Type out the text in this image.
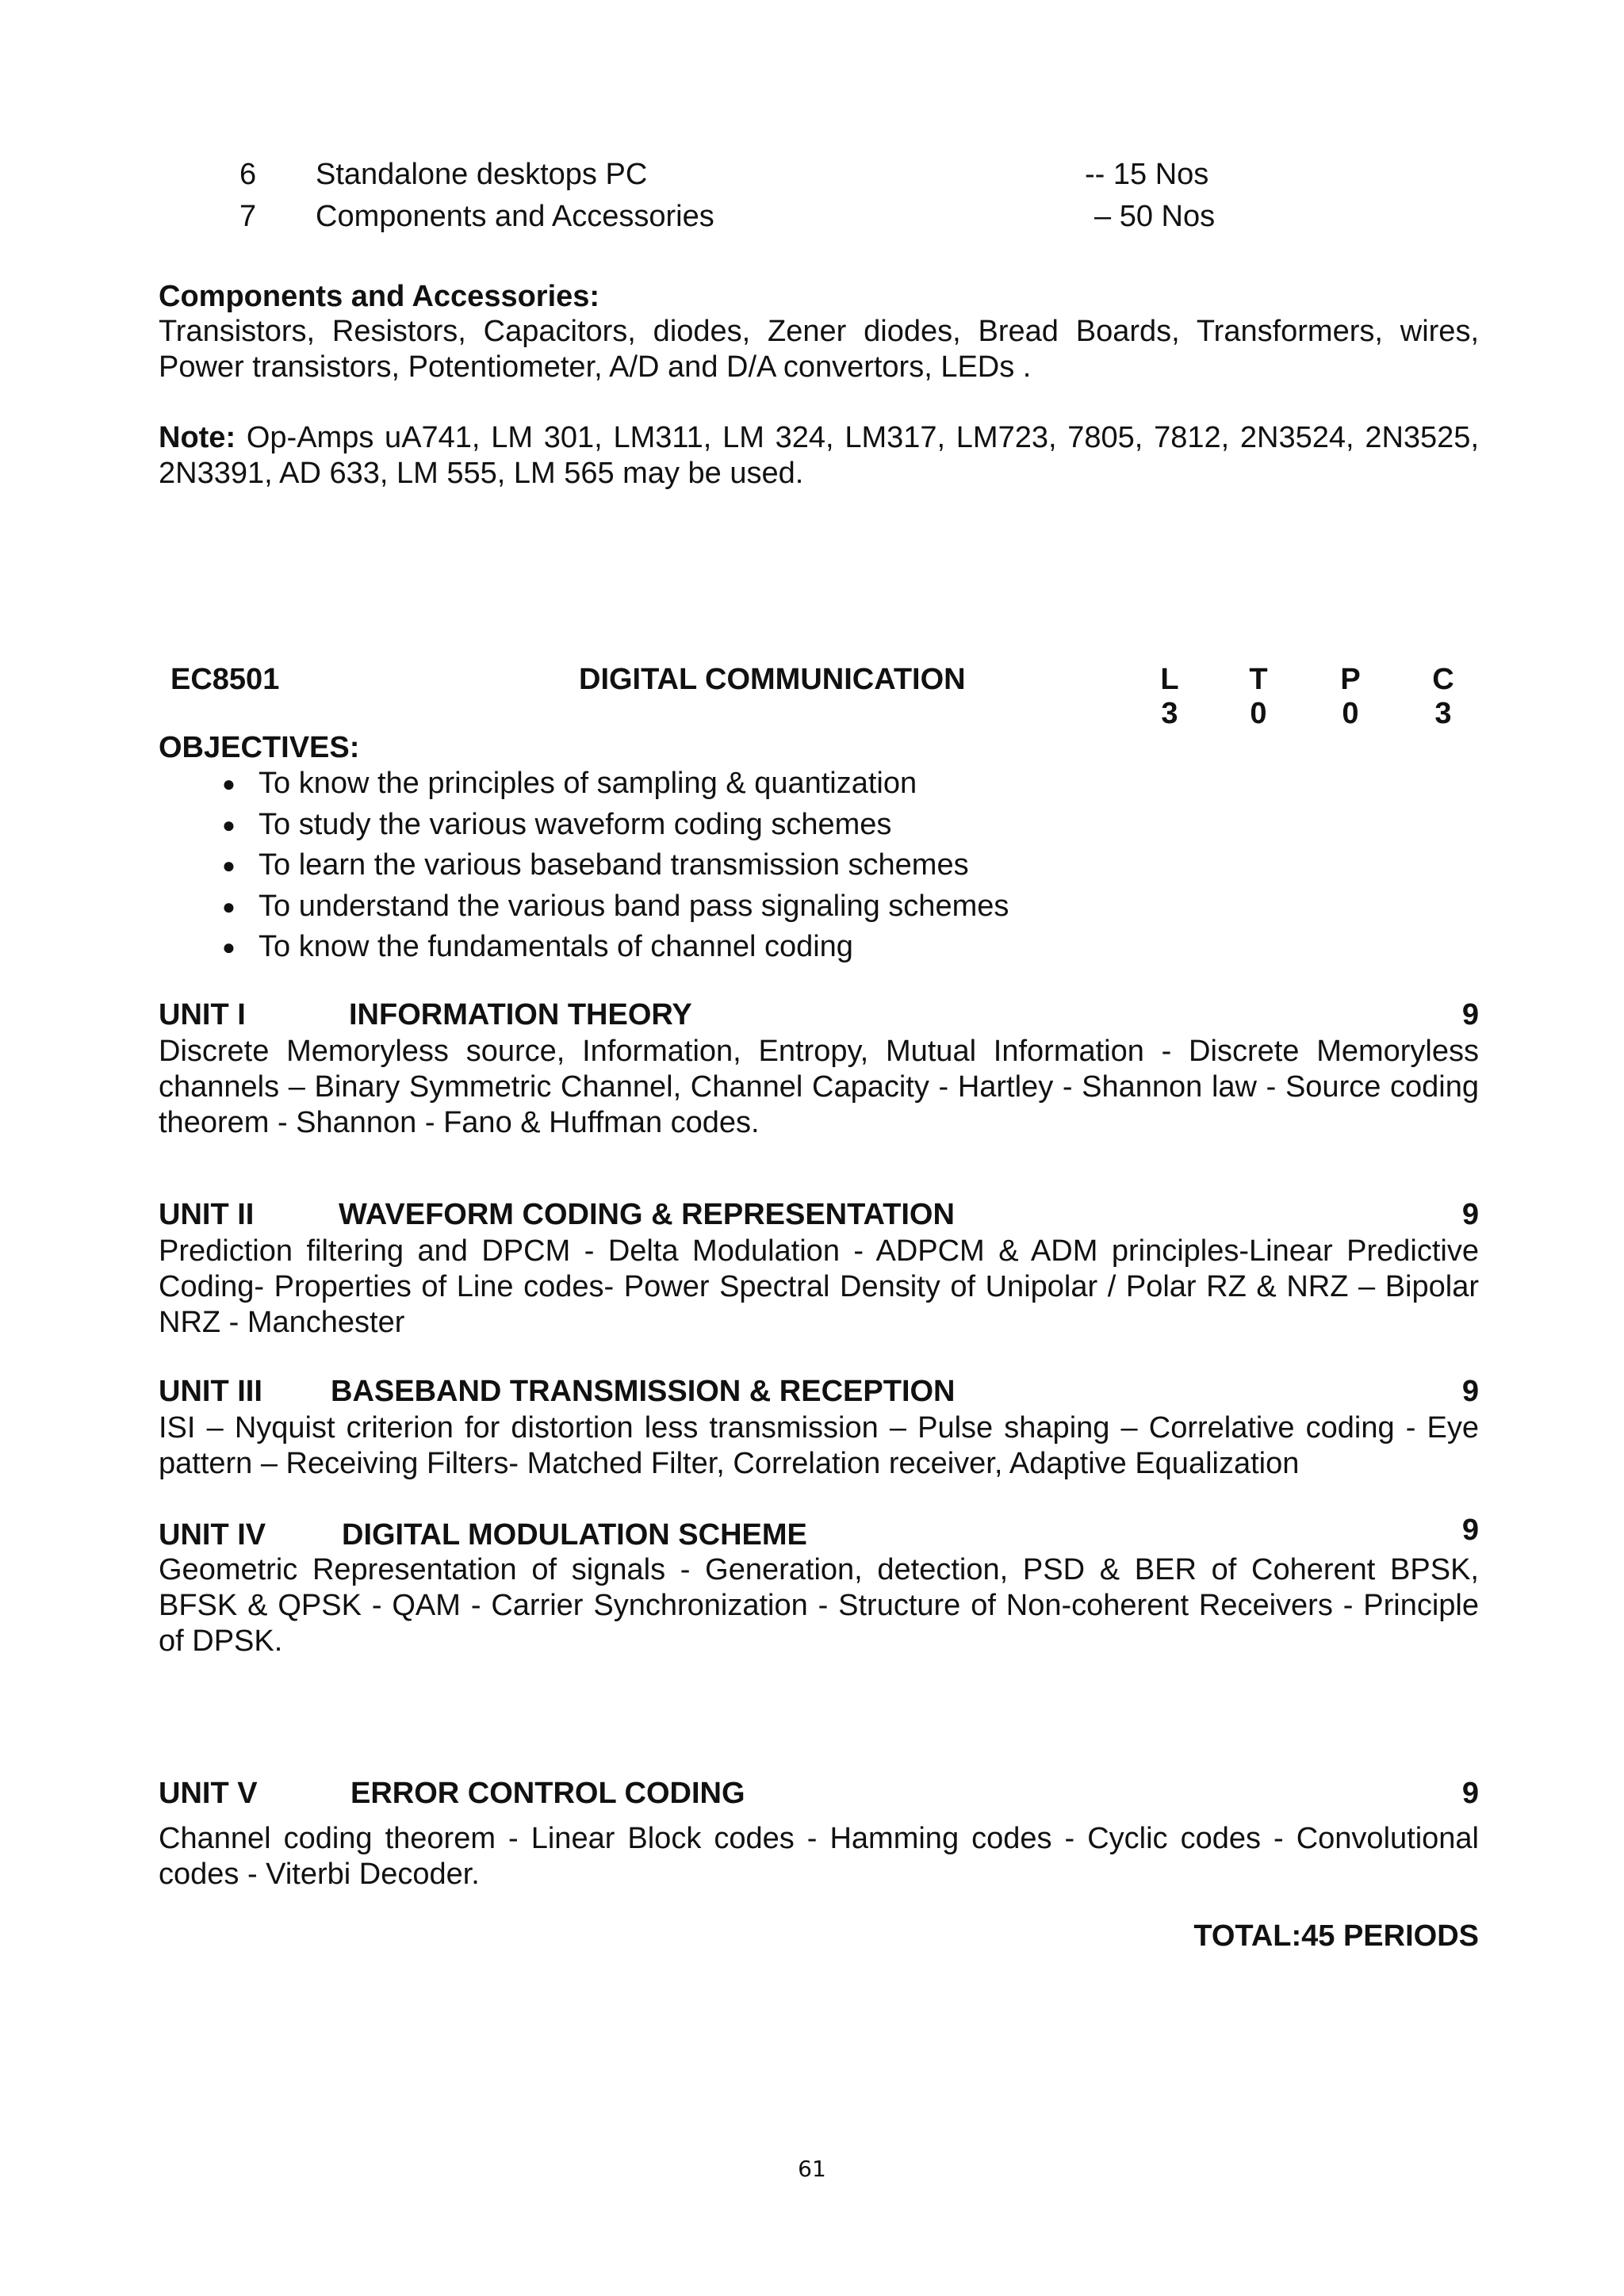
6 Standalone desktops PC	-- 15 Nos
7 Components and Accessories	– 50 Nos
Components and Accessories:
Transistors, Resistors, Capacitors, diodes, Zener diodes, Bread Boards, Transformers, wires, Power transistors, Potentiometer, A/D and D/A convertors, LEDs .
Note: Op-Amps uA741, LM 301, LM311, LM 324, LM317, LM723, 7805, 7812, 2N3524, 2N3525, 2N3391, AD 633, LM 555, LM 565 may be used.
EC8501	DIGITAL COMMUNICATION	L T P C
3 0 0	3
OBJECTIVES:
● To know the principles of sampling & quantization
● To study the various waveform coding schemes
● To learn the various baseband transmission schemes
● To understand the various band pass signaling schemes
● To know the fundamentals of channel coding
UNIT I	INFORMATION THEORY	9
Discrete Memoryless source, Information, Entropy, Mutual Information - Discrete Memoryless channels – Binary Symmetric Channel, Channel Capacity - Hartley - Shannon law - Source coding theorem - Shannon - Fano & Huffman codes.
UNIT II	WAVEFORM CODING & REPRESENTATION	9
Prediction filtering and DPCM - Delta Modulation - ADPCM & ADM principles-Linear Predictive Coding- Properties of Line codes- Power Spectral Density of Unipolar / Polar RZ & NRZ – Bipolar NRZ - Manchester
UNIT III BASEBAND TRANSMISSION & RECEPTION	9
ISI – Nyquist criterion for distortion less transmission – Pulse shaping – Correlative coding - Eye pattern – Receiving Filters- Matched Filter, Correlation receiver, Adaptive Equalization
UNIT IV	DIGITAL MODULATION SCHEME	9
Geometric Representation of signals - Generation, detection, PSD & BER of Coherent BPSK, BFSK & QPSK - QAM - Carrier Synchronization - Structure of Non-coherent Receivers - Principle of DPSK.
UNIT V	ERROR CONTROL CODING	9
Channel coding theorem - Linear Block codes - Hamming codes - Cyclic codes - Convolutional codes - Viterbi Decoder.
TOTAL:45 PERIODS
61
